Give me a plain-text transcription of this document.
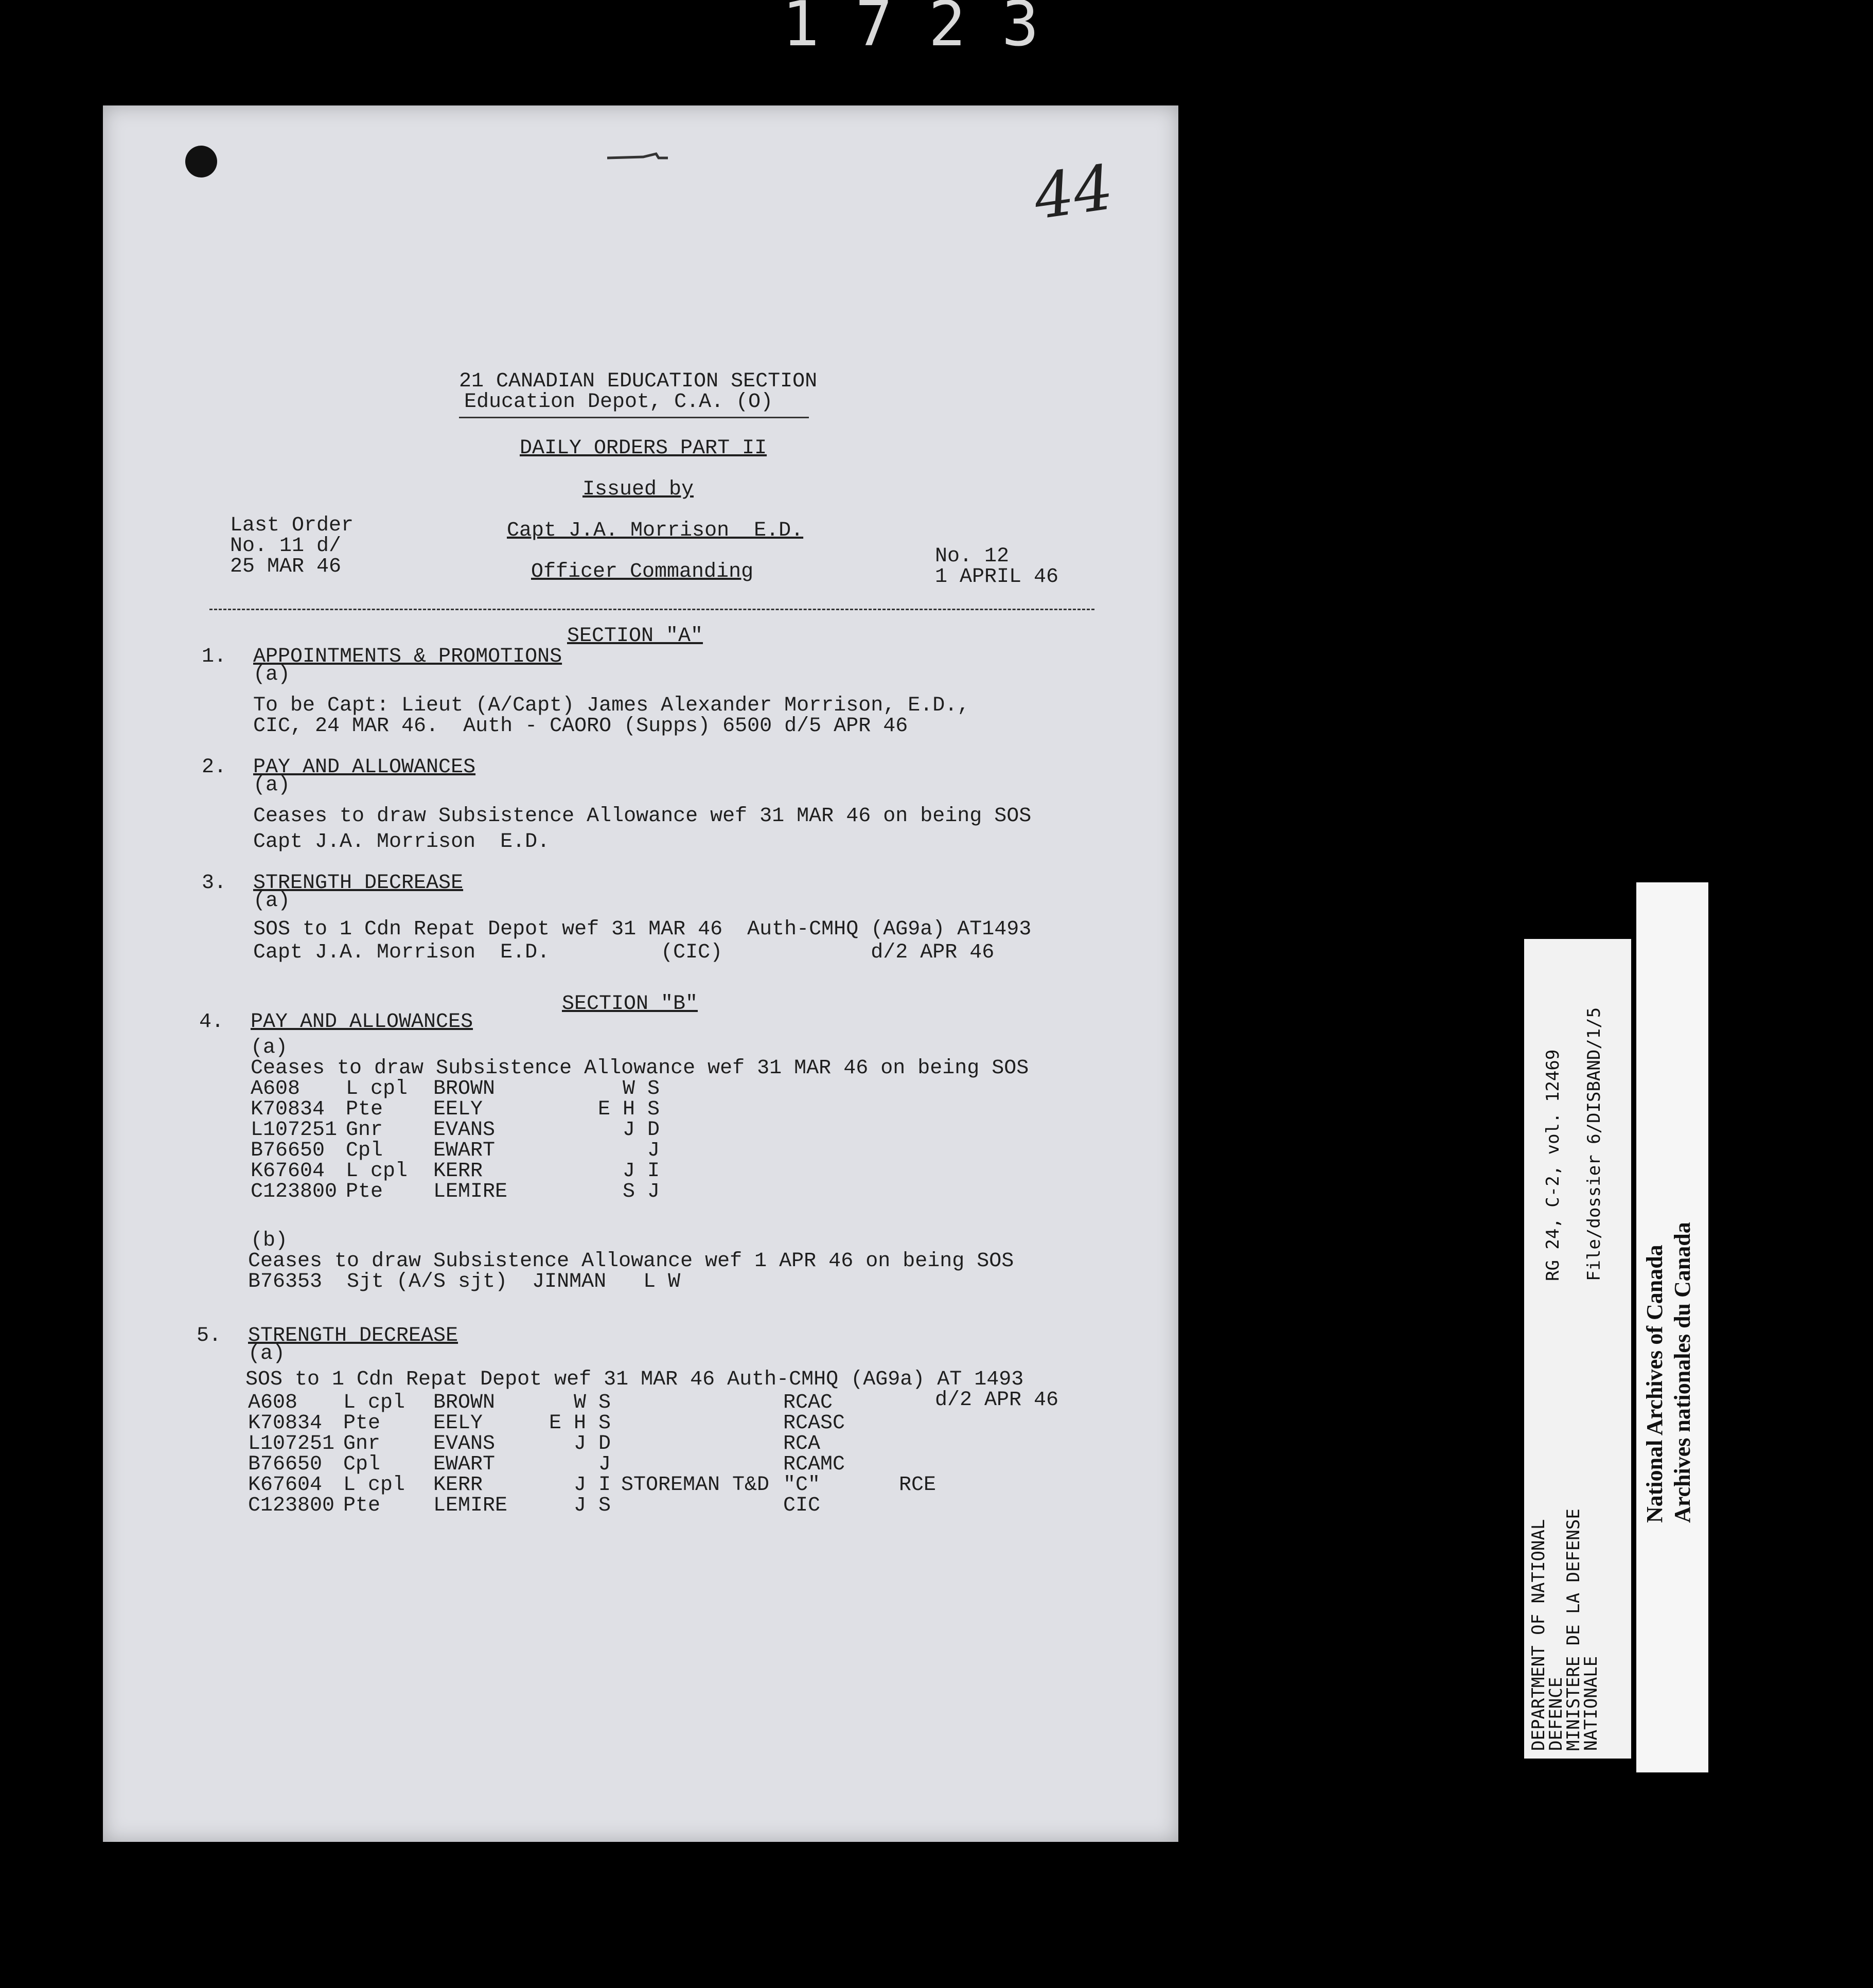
1723
44
21 CANADIAN EDUCATION SECTION
Education Depot, C.A. (O)
DAILY ORDERS PART II
Issued by
Last Order
No. 11 d/
25 MAR 46
Capt J.A. Morrison  E.D.
Officer Commanding
No. 12
1 APRIL 46
SECTION "A"
1. APPOINTMENTS & PROMOTIONS
(a)
To be Capt: Lieut (A/Capt) James Alexander Morrison, E.D.,
CIC, 24 MAR 46.  Auth - CAORO (Supps) 6500 d/5 APR 46
2. PAY AND ALLOWANCES
(a)
Ceases to draw Subsistence Allowance wef 31 MAR 46 on being SOS
Capt J.A. Morrison  E.D.
3. STRENGTH DECREASE
(a)
SOS to 1 Cdn Repat Depot wef 31 MAR 46  Auth-CMHQ (AG9a) AT1493
Capt J.A. Morrison  E.D.         (CIC)            d/2 APR 46
SECTION "B"
4. PAY AND ALLOWANCES
(a)
Ceases to draw Subsistence Allowance wef 31 MAR 46 on being SOS
A608 L cpl BROWN	W S
K70834 Pte EELY	E H S
L107251 Gnr EVANS	J D
B76650 Cpl EWART	J
K67604 L cpl KERR	J I
C123800 Pte LEMIRE	S J
(b)
Ceases to draw Subsistence Allowance wef 1 APR 46 on being SOS
B76353  Sjt (A/S sjt)  JINMAN   L W
5. STRENGTH DECREASE
(a)
SOS to 1 Cdn Repat Depot wef 31 MAR 46 Auth-CMHQ (AG9a) AT 1493
d/2 APR 46
A608 L cpl BROWN	W S	RCAC
K70834 Pte	EELY	E H S	RCASC
L107251 Gnr	EVANS	J D	RCA
B76650 Cpl	EWART	J	RCAMC
K67604 L cpl KERR	J I STOREMAN T&D "C"	RCE
C123800 Pte	LEMIRE J S	CIC
DEPARTMENT OF NATIONAL
DEFENCE
MINISTERE DE LA DEFENSE
NATIONALE
RG 24, C-2, vol. 12469 File/dossier 6/DISBAND/1/5
National Archives of Canada Archives nationales du Canada
